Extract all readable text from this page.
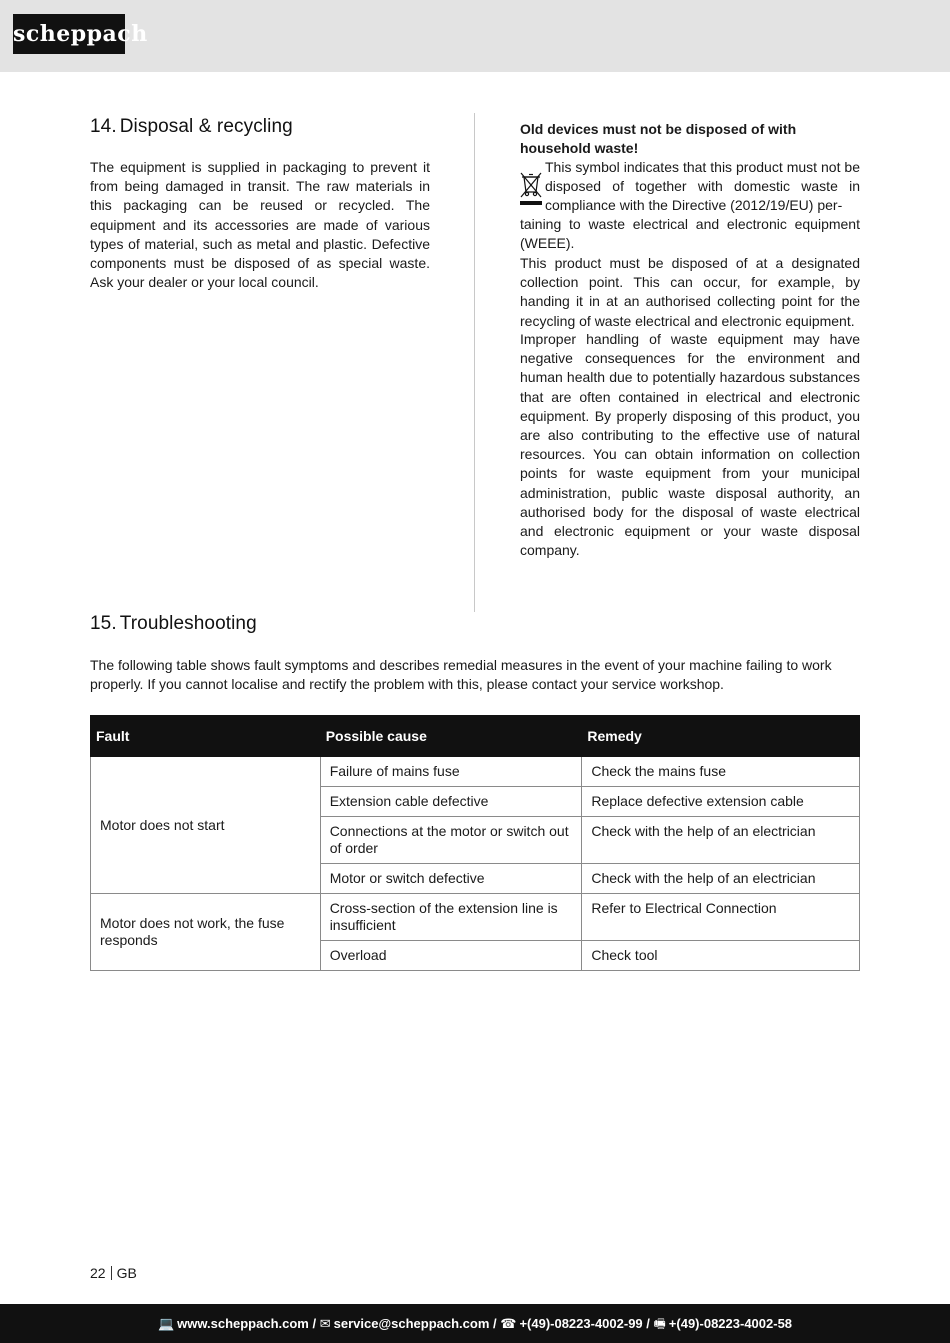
scheppach
14. Disposal & recycling

The equipment is supplied in packaging to prevent it from being damaged in transit. The raw materials in this packaging can be reused or recycled. The equipment and its accessories are made of various types of material, such as metal and plastic. Defective components must be disposed of as special waste. Ask your dealer or your local council.

Old devices must not be disposed of with household waste!

This symbol indicates that this product must not be disposed of together with domestic waste in compliance with the Directive (2012/19/EU) per-

taining to waste electrical and electronic equipment (WEEE).

This product must be disposed of at a designated collection point. This can occur, for example, by handing it in at an authorised collecting point for the recycling of waste electrical and electronic equipment.

Improper handling of waste equipment may have negative consequences for the environment and human health due to potentially hazardous substances that are often contained in electrical and electronic equipment. By properly disposing of this product, you are also contributing to the effective use of natural resources. You can obtain information on collection points for waste equipment from your municipal administration, public waste disposal authority, an authorised body for the disposal of waste electrical and electronic equipment or your waste disposal company.

15. Troubleshooting

The following table shows fault symptoms and describes remedial measures in the event of your machine failing to work properly. If you cannot localise and rectify the problem with this, please contact your service workshop.

Fault	Possible cause	Remedy
Motor does not start	Failure of mains fuse	Check the mains fuse
	Extension cable defective	Replace defective extension cable
	Connections at the motor or switch out of order	Check with the help of an electrician
	Motor or switch defective	Check with the help of an electrician
Motor does not work, the fuse responds	Cross-section of the extension line is insufficient	Refer to Electrical Connection
	Overload	Check tool
22 GB
💻 www.scheppach.com / ✉ service@scheppach.com / ☎ +(49)-08223-4002-99 / 🖷 +(49)-08223-4002-58
